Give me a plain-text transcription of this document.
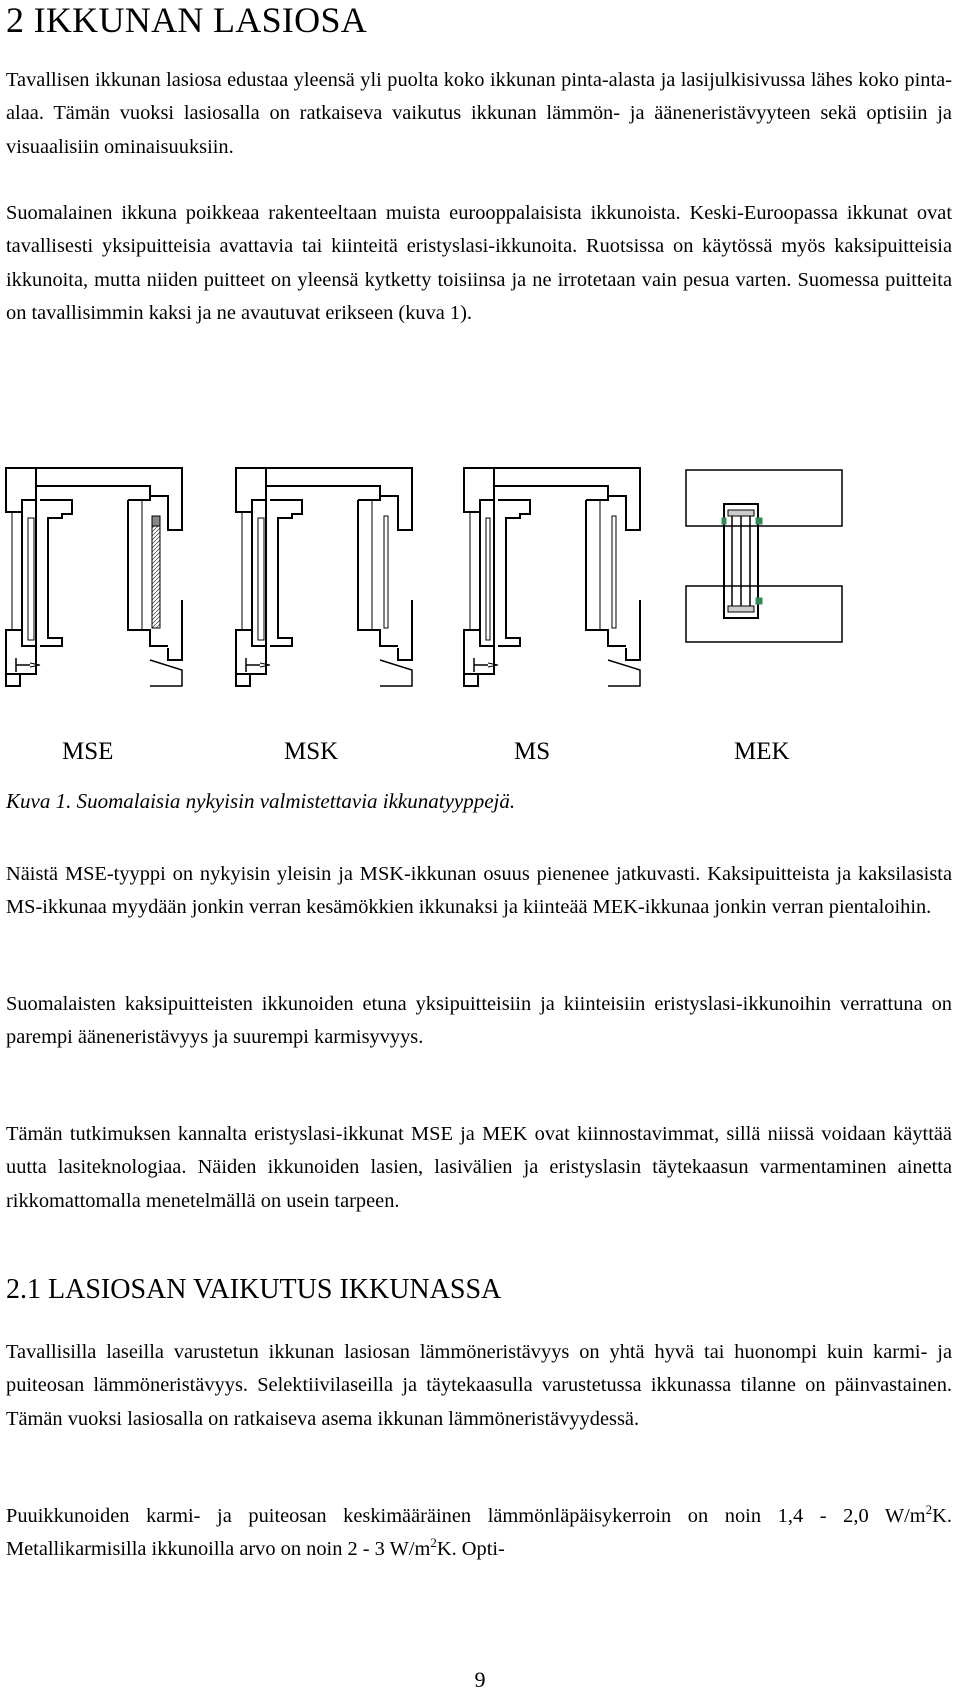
2 IKKUNAN LASIOSA

Tavallisen ikkunan lasiosa edustaa yleensä yli puolta koko ikkunan pinta-alasta ja lasijulkisivussa lähes koko pinta-alaa. Tämän vuoksi lasiosalla on ratkaiseva vaikutus ikkunan lämmön- ja ääneneristävyyteen sekä optisiin ja visuaalisiin ominaisuuksiin.

Suomalainen ikkuna poikkeaa rakenteeltaan muista eurooppalaisista ikkunoista. Keski-Euroopassa ikkunat ovat tavallisesti yksipuitteisia avattavia tai kiinteitä eristyslasi-ikkunoita. Ruotsissa on käytössä myös kaksipuitteisia ikkunoita, mutta niiden puitteet on yleensä kytketty toisiinsa ja ne irrotetaan vain pesua varten. Suomessa puitteita on tavallisimmin kaksi ja ne avautuvat erikseen (kuva 1).

MSE	MSK	MS	MEK
Kuva 1. Suomalaisia nykyisin valmistettavia ikkunatyyppejä.

Näistä MSE-tyyppi on nykyisin yleisin ja MSK-ikkunan osuus pienenee jatkuvasti. Kaksipuitteista ja kaksilasista MS-ikkunaa myydään jonkin verran kesämökkien ikkunaksi ja kiinteää MEK-ikkunaa jonkin verran pientaloihin.

Suomalaisten kaksipuitteisten ikkunoiden etuna yksipuitteisiin ja kiinteisiin eristyslasi-ikkunoihin verrattuna on parempi ääneneristävyys ja suurempi karmisyvyys.

Tämän tutkimuksen kannalta eristyslasi-ikkunat MSE ja MEK ovat kiinnostavimmat, sillä niissä voidaan käyttää uutta lasiteknologiaa. Näiden ikkunoiden lasien, lasivälien ja eristyslasin täytekaasun varmentaminen ainetta rikkomattomalla menetelmällä on usein tarpeen.

2.1 LASIOSAN VAIKUTUS IKKUNASSA

Tavallisilla laseilla varustetun ikkunan lasiosan lämmöneristävyys on yhtä hyvä tai huonompi kuin karmi- ja puiteosan lämmöneristävyys. Selektiivilaseilla ja täytekaasulla varustetussa ikkunassa tilanne on päinvastainen. Tämän vuoksi lasiosalla on ratkaiseva asema ikkunan lämmöneristävyydessä.

Puuikkunoiden karmi- ja puiteosan keskimääräinen lämmönläpäisykerroin on noin 1,4 - 2,0 $W/m^2K$. Metallikarmisilla ikkunoilla arvo on noin 2 - 3 $W/m^2K$. Opti-

9
